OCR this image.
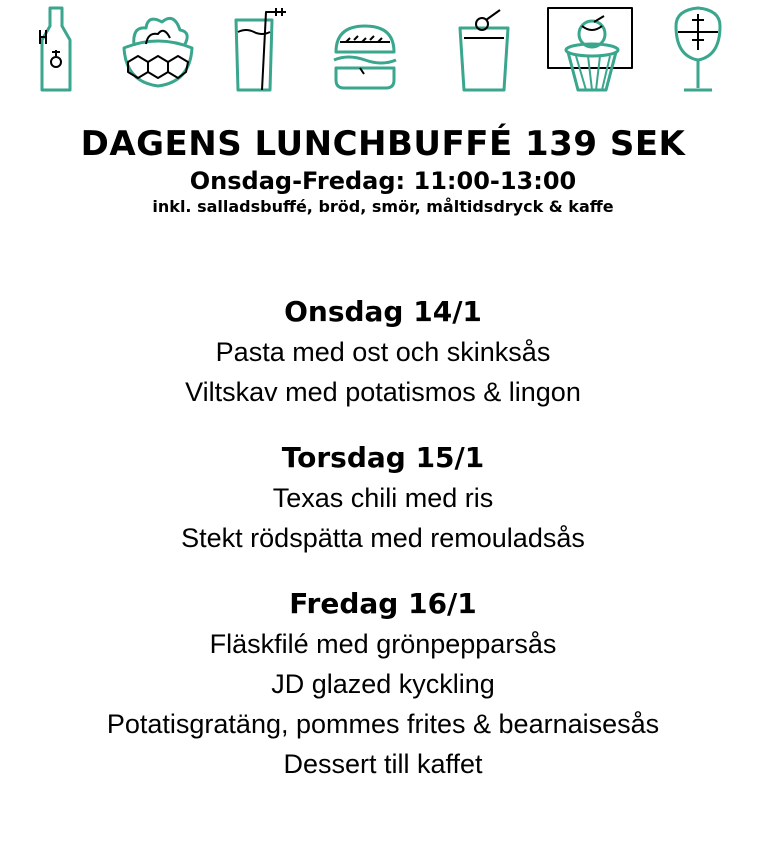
DAGENS LUNCHBUFFÉ 139 SEK

Onsdag-Fredag: 11:00-13:00

inkl. salladsbuffé, bröd, smör, måltidsdryck & kaffe

Onsdag 14/1

Pasta med ost och skinksås

Viltskav med potatismos & lingon

Torsdag 15/1

Texas chili med ris

Stekt rödspätta med remouladsås

Fredag 16/1

Fläskfilé med grönpepparsås

JD glazed kyckling

Potatisgratäng, pommes frites & bearnaisesås

Dessert till kaffet
